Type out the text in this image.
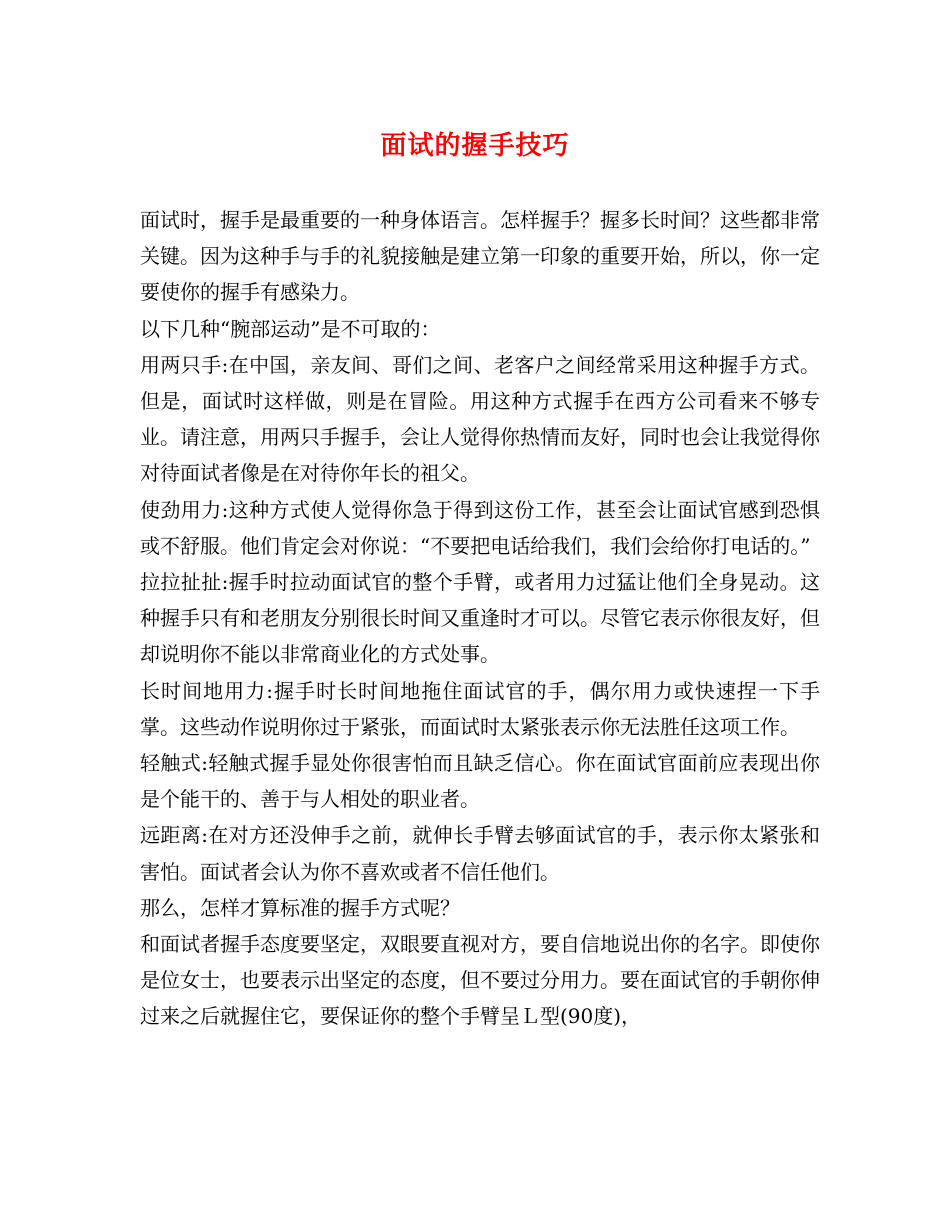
面试的握手技巧

面试时，握手是最重要的一种身体语言。怎样握手？握多长时间？这些都非常关键。因为这种手与手的礼貌接触是建立第一印象的重要开始，所以，你一定要使你的握手有感染力。

以下几种“腕部运动”是不可取的：

用两只手:在中国，亲友间、哥们之间、老客户之间经常采用这种握手方式。但是，面试时这样做，则是在冒险。用这种方式握手在西方公司看来不够专业。请注意，用两只手握手，会让人觉得你热情而友好，同时也会让我觉得你对待面试者像是在对待你年长的祖父。

使劲用力:这种方式使人觉得你急于得到这份工作，甚至会让面试官感到恐惧或不舒服。他们肯定会对你说：“不要把电话给我们，我们会给你打电话的。”

拉拉扯扯:握手时拉动面试官的整个手臂，或者用力过猛让他们全身晃动。这种握手只有和老朋友分别很长时间又重逢时才可以。尽管它表示你很友好，但却说明你不能以非常商业化的方式处事。

长时间地用力:握手时长时间地拖住面试官的手，偶尔用力或快速捏一下手掌。这些动作说明你过于紧张，而面试时太紧张表示你无法胜任这项工作。

轻触式:轻触式握手显处你很害怕而且缺乏信心。你在面试官面前应表现出你是个能干的、善于与人相处的职业者。

远距离:在对方还没伸手之前，就伸长手臂去够面试官的手，表示你太紧张和害怕。面试者会认为你不喜欢或者不信任他们。

那么，怎样才算标准的握手方式呢？

和面试者握手态度要坚定，双眼要直视对方，要自信地说出你的名字。即使你是位女士，也要表示出坚定的态度，但不要过分用力。要在面试官的手朝你伸过来之后就握住它，要保证你的整个手臂呈Ｌ型(90度)，
